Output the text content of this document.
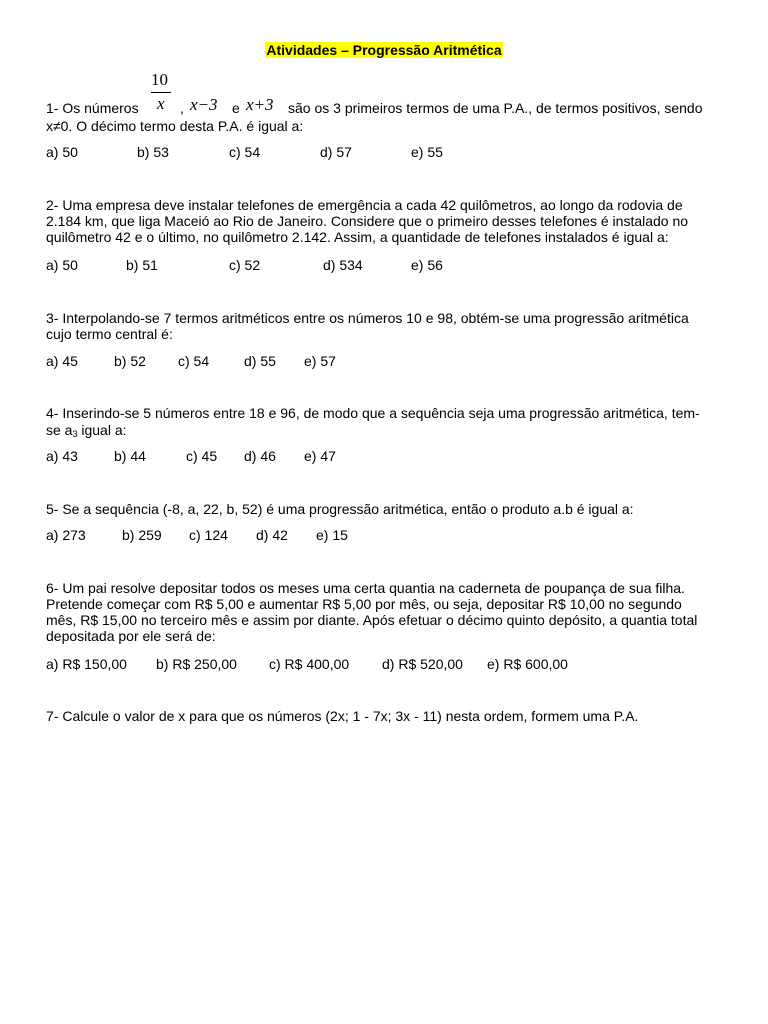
Atividades – Progressão Aritmética
10
x x−3 x+3
1- Os números	,	e	são os 3 primeiros termos de uma P.A., de termos positivos, sendo
x≠0. O décimo termo desta P.A. é igual a:
a) 50	b) 53	c) 54	d) 57	e) 55
2- Uma empresa deve instalar telefones de emergência a cada 42 quilômetros, ao longo da rodovia de
2.184 km, que liga Maceió ao Rio de Janeiro. Considere que o primeiro desses telefones é instalado no
quilômetro 42 e o último, no quilômetro 2.142. Assim, a quantidade de telefones instalados é igual a:
a) 50	b) 51	c) 52	d) 534	e) 56
3- Interpolando-se 7 termos aritméticos entre os números 10 e 98, obtém-se uma progressão aritmética
cujo termo central é:
a) 45	b) 52 c) 54 d) 55 e) 57
4- Inserindo-se 5 números entre 18 e 96, de modo que a sequência seja uma progressão aritmética, tem-
se $a_3$ igual a:
a) 43	b) 44	c) 45 d) 46 e) 47
5- Se a sequência (-8, a, 22, b, 52) é uma progressão aritmética, então o produto a.b é igual a:
a) 273	b) 259 c) 124 d) 42 e) 15
6- Um pai resolve depositar todos os meses uma certa quantia na caderneta de poupança de sua filha.
Pretende começar com R$ 5,00 e aumentar R$ 5,00 por mês, ou seja, depositar R$ 10,00 no segundo
mês, R$ 15,00 no terceiro mês e assim por diante. Após efetuar o décimo quinto depósito, a quantia total
depositada por ele será de:
a) R$ 150,00 b) R$ 250,00 c) R$ 400,00 d) R$ 520,00 e) R$ 600,00
7- Calcule o valor de x para que os números (2x; 1 - 7x; 3x - 11) nesta ordem, formem uma P.A.
